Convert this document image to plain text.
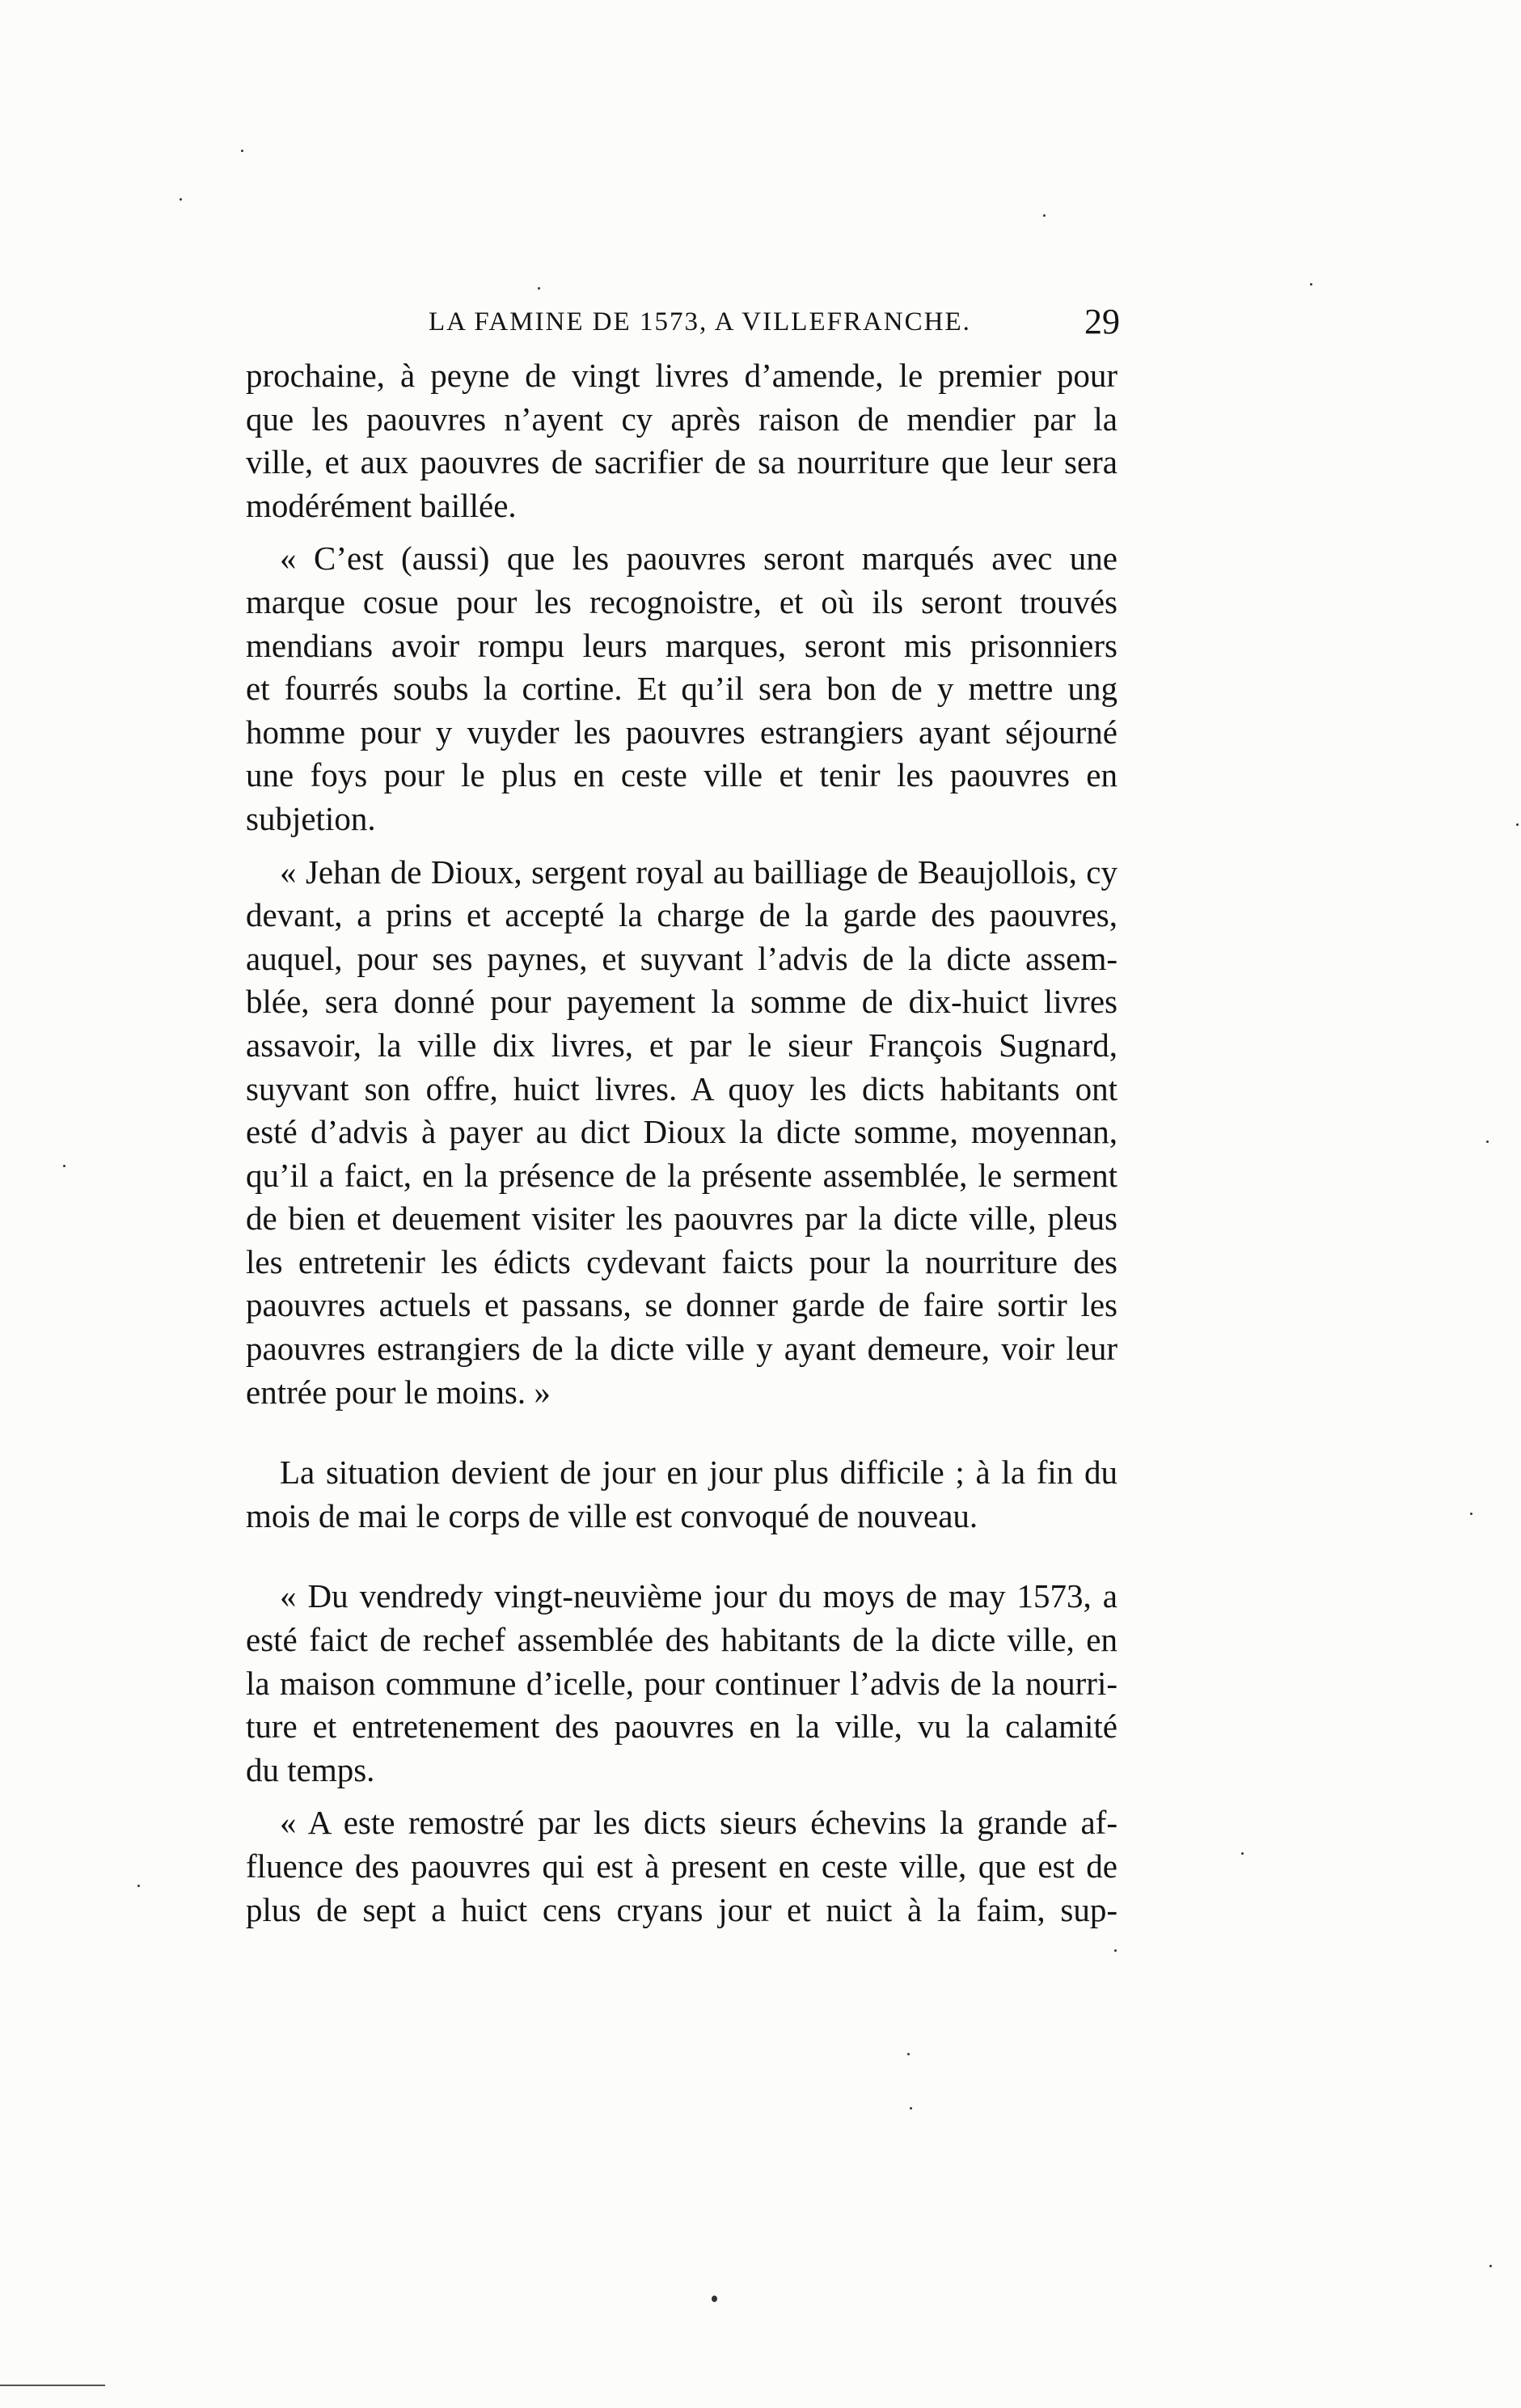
LA FAMINE DE 1573, A VILLEFRANCHE.	29
prochaine, à peyne de vingt livres d’amende, le premier pour
que les paouvres n’ayent cy après raison de mendier par la
ville, et aux paouvres de sacrifier de sa nourriture que leur sera
modérément baillée.
« C’est (aussi) que les paouvres seront marqués avec une
marque cosue pour les recognoistre, et où ils seront trouvés
mendians avoir rompu leurs marques, seront mis prisonniers
et fourrés soubs la cortine. Et qu’il sera bon de y mettre ung
homme pour y vuyder les paouvres estrangiers ayant séjourné
une foys pour le plus en ceste ville et tenir les paouvres en
subjetion.
« Jehan de Dioux, sergent royal au bailliage de Beaujollois, cy
devant, a prins et accepté la charge de la garde des paouvres,
auquel, pour ses paynes, et suyvant l’advis de la dicte assem-
blée, sera donné pour payement la somme de dix-huict livres
assavoir, la ville dix livres, et par le sieur François Sugnard,
suyvant son offre, huict livres. A quoy les dicts habitants ont
esté d’advis à payer au dict Dioux la dicte somme, moyennan,
qu’il a faict, en la présence de la présente assemblée, le serment
de bien et deuement visiter les paouvres par la dicte ville, pleus
les entretenir les édicts cydevant faicts pour la nourriture des
paouvres actuels et passans, se donner garde de faire sortir les
paouvres estrangiers de la dicte ville y ayant demeure, voir leur
entrée pour le moins. »
La situation devient de jour en jour plus difficile ; à la fin du
mois de mai le corps de ville est convoqué de nouveau.
« Du vendredy vingt-neuvième jour du moys de may 1573, a
esté faict de rechef assemblée des habitants de la dicte ville, en
la maison commune d’icelle, pour continuer l’advis de la nourri-
ture et entretenement des paouvres en la ville, vu la calamité
du temps.
« A este remostré par les dicts sieurs échevins la grande af-
fluence des paouvres qui est à present en ceste ville, que est de
plus de sept a huict cens cryans jour et nuict à la faim, sup-
